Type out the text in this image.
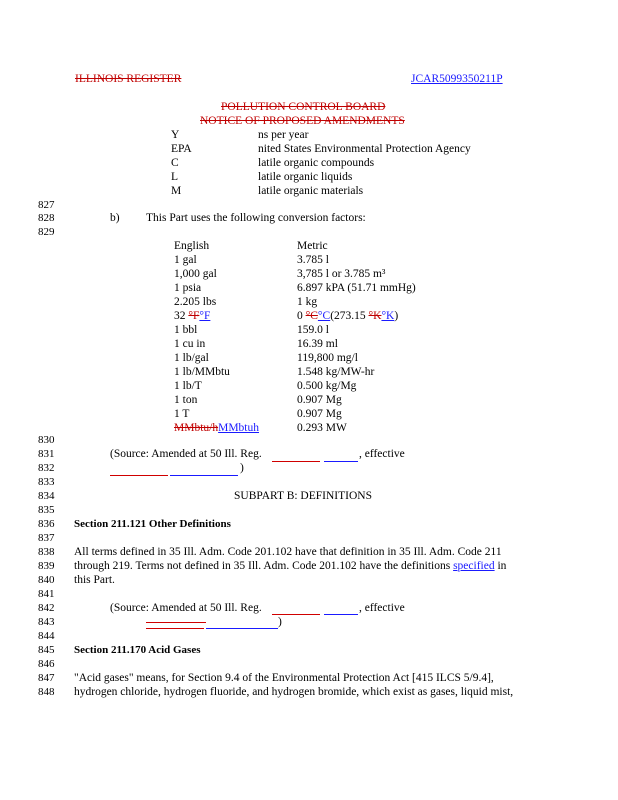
ILLINOIS REGISTER	JCAR5099350211P
POLLUTION CONTROL BOARD
NOTICE OF PROPOSED AMENDMENTS
Y	ns per year
EPA	nited States Environmental Protection Agency
C	latile organic compounds
L	latile organic liquids
M	latile organic materials
827
828
829
830
831
832
833
834
835
836
837
838
839
840
841
842
843
844
845
846
847
848
b) This Part uses the following conversion factors:
English	Metric
1 gal	3.785 l
1,000 gal	3,785 l or 3.785 m³
1 psia	6.897 kPA (51.71 mmHg)
2.205 lbs	1 kg
32 °F°F	0 °C°C(273.15 °K°K)
1 bbl	159.0 l
1 cu in	16.39 ml
1 lb/gal	119,800 mg/l
1 lb/MMbtu	1.548 kg/MW-hr
1 lb/T	0.500 kg/Mg
1 ton	0.907 Mg
1 T	0.907 Mg
MMbtu/hMMbtuh	0.293 MW
(Source: Amended at 50 Ill. Reg.	, effective
)
SUBPART B: DEFINITIONS
Section 211.121 Other Definitions
All terms defined in 35 Ill. Adm. Code 201.102 have that definition in 35 Ill. Adm. Code 211
through 219. Terms not defined in 35 Ill. Adm. Code 201.102 have the definitions specified in
this Part.
(Source: Amended at 50 Ill. Reg.	, effective
)
Section 211.170 Acid Gases
"Acid gases" means, for Section 9.4 of the Environmental Protection Act [415 ILCS 5/9.4],
hydrogen chloride, hydrogen fluoride, and hydrogen bromide, which exist as gases, liquid mist,
